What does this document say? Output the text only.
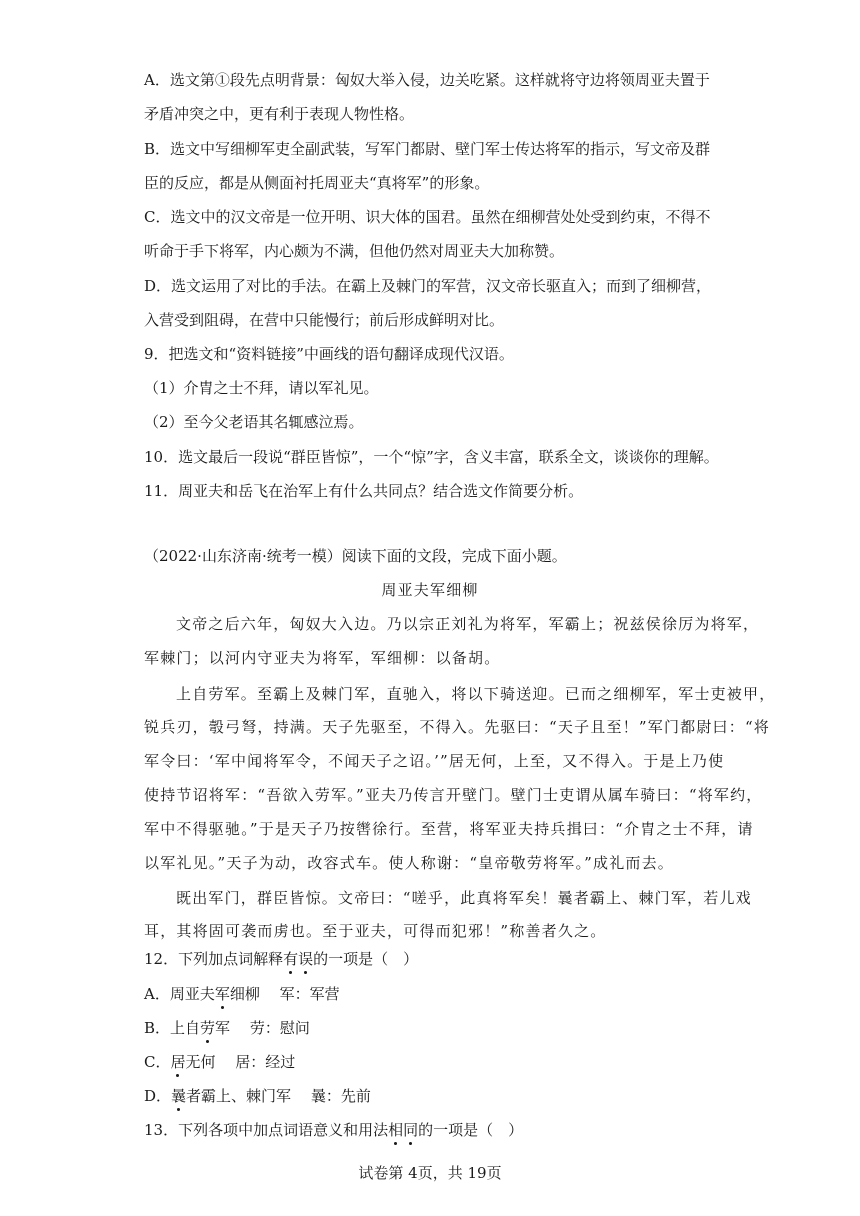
A．选文第①段先点明背景：匈奴大举入侵，边关吃紧。这样就将守边将领周亚夫置于
矛盾冲突之中，更有利于表现人物性格。
B．选文中写细柳军吏全副武装，写军门都尉、壁门军士传达将军的指示，写文帝及群
臣的反应，都是从侧面衬托周亚夫“真将军”的形象。
C．选文中的汉文帝是一位开明、识大体的国君。虽然在细柳营处处受到约束，不得不
听命于手下将军，内心颇为不满，但他仍然对周亚夫大加称赞。
D．选文运用了对比的手法。在霸上及棘门的军营，汉文帝长驱直入；而到了细柳营，
入营受到阻碍，在营中只能慢行；前后形成鲜明对比。
9．把选文和“资料链接”中画线的语句翻译成现代汉语。
（1）介胄之士不拜，请以军礼见。
（2）至今父老语其名辄感泣焉。
10．选文最后一段说“群臣皆惊”，一个“惊”字，含义丰富，联系全文，谈谈你的理解。
11．周亚夫和岳飞在治军上有什么共同点？结合选文作简要分析。
（2022·山东济南·统考一模）阅读下面的文段，完成下面小题。
周亚夫军细柳
文帝之后六年，匈奴大入边。乃以宗正刘礼为将军，军霸上；祝兹侯徐厉为将军，
军棘门；以河内守亚夫为将军，军细柳：以备胡。
上自劳军。至霸上及棘门军，直驰入，将以下骑送迎。已而之细柳军，军士吏被甲，
锐兵刃，彀弓弩，持满。天子先驱至，不得入。先驱曰：“天子且至！”军门都尉曰：“将
军令曰：‘军中闻将军令，不闻天子之诏。’”居无何，上至，又不得入。于是上乃使
使持节诏将军：“吾欲入劳军。”亚夫乃传言开壁门。壁门士吏谓从属车骑曰：“将军约，
军中不得驱驰。”于是天子乃按辔徐行。至营，将军亚夫持兵揖曰：“介胄之士不拜，请
以军礼见。”天子为动，改容式车。使人称谢：“皇帝敬劳将军。”成礼而去。
既出军门，群臣皆惊。文帝曰：“嗟乎，此真将军矣！曩者霸上、棘门军，若儿戏
耳，其将固可袭而虏也。至于亚夫，可得而犯邪！”称善者久之。
12．下列加点词解释有误的一项是（　）
A．周亚夫军细柳　 军：军营
B．上自劳军　 劳：慰问
C．居无何　 居：经过
D．曩者霸上、棘门军　 曩：先前
13．下列各项中加点词语意义和用法相同的一项是（　）
试卷第 4页，共 19页
